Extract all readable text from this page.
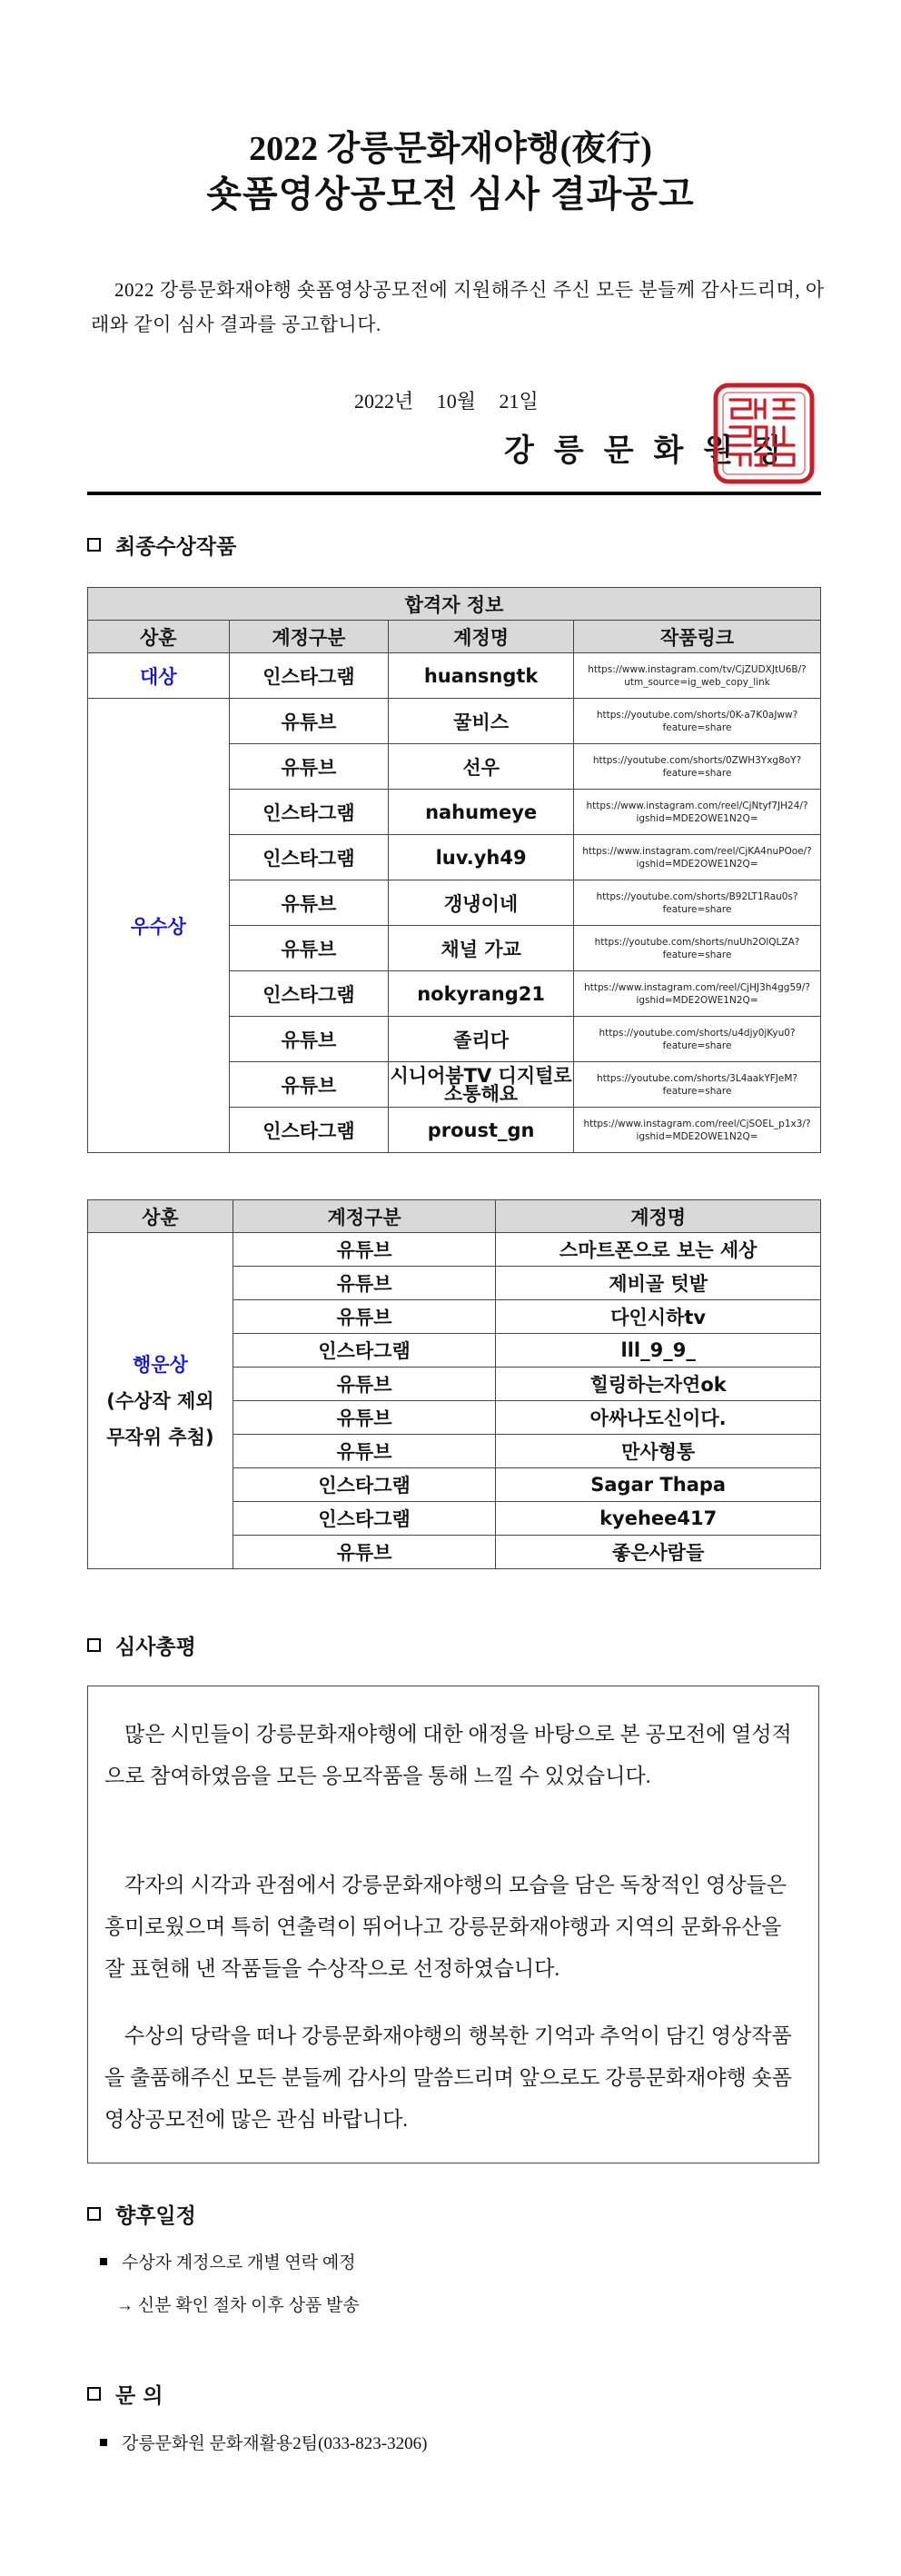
2022 강릉문화재야행(夜行)
숏폼영상공모전 심사 결과공고
2022 강릉문화재야행 숏폼영상공모전에 지원해주신 주신 모든 분들께 감사드리며, 아래와 같이 심사 결과를 공고합니다.
2022년 10월 21일
강릉문화원장
최종수상작품
합격자 정보			
상훈	계정구분	계정명	작품링크
대상	인스타그램	huansngtk	https://www.instagram.com/tv/CjZUDXJtU6B/?utm_source=ig_web_copy_link
우수상	유튜브	꿀비스	https://youtube.com/shorts/0K-a7K0aJww?feature=share
	유튜브	선우	https://youtube.com/shorts/0ZWH3Yxg8oY?feature=share
	인스타그램	nahumeye	https://www.instagram.com/reel/CjNtyf7JH24/?igshid=MDE2OWE1N2Q=
	인스타그램	luv.yh49	https://www.instagram.com/reel/CjKA4nuPOoe/?igshid=MDE2OWE1N2Q=
	유튜브	갱냉이네	https://youtube.com/shorts/B92LT1Rau0s?feature=share
	유튜브	채널 가교	https://youtube.com/shorts/nuUh2OlQLZA?feature=share
	인스타그램	nokyrang21	https://www.instagram.com/reel/CjHJ3h4gg59/?igshid=MDE2OWE1N2Q=
	유튜브	졸리다	https://youtube.com/shorts/u4djy0jKyu0?feature=share
	유튜브	시니어붐TV 디지털로소통해요	https://youtube.com/shorts/3L4aakYFJeM?feature=share
	인스타그램	proust_gn	https://www.instagram.com/reel/CjSOEL_p1x3/?igshid=MDE2OWE1N2Q=
상훈	계정구분	계정명

행운상
(수상작 제외
무작위 추첨)	유튜브	스마트폰으로 보는 세상
	유튜브	제비골 텃밭
	유튜브	다인시하tv
	인스타그램	lll_9_9_
	유튜브	힐링하는자연ok
	유튜브	아싸나도신이다.
	유튜브	만사형통
	인스타그램	Sagar Thapa
	인스타그램	kyehee417
	유튜브	좋은사람들
심사총평

많은 시민들이 강릉문화재야행에 대한 애정을 바탕으로 본 공모전에 열성적으로 참여하였음을 모든 응모작품을 통해 느낄 수 있었습니다.

각자의 시각과 관점에서 강릉문화재야행의 모습을 담은 독창적인 영상들은 흥미로웠으며 특히 연출력이 뛰어나고 강릉문화재야행과 지역의 문화유산을 잘 표현해 낸 작품들을 수상작으로 선정하였습니다.

수상의 당락을 떠나 강릉문화재야행의 행복한 기억과 추억이 담긴 영상작품을 출품해주신 모든 분들께 감사의 말씀드리며 앞으로도 강릉문화재야행 숏폼영상공모전에 많은 관심 바랍니다.

향후일정
수상자 계정으로 개별 연락 예정
→ 신분 확인 절차 이후 상품 발송
문 의
강릉문화원 문화재활용2팀(033-823-3206)
